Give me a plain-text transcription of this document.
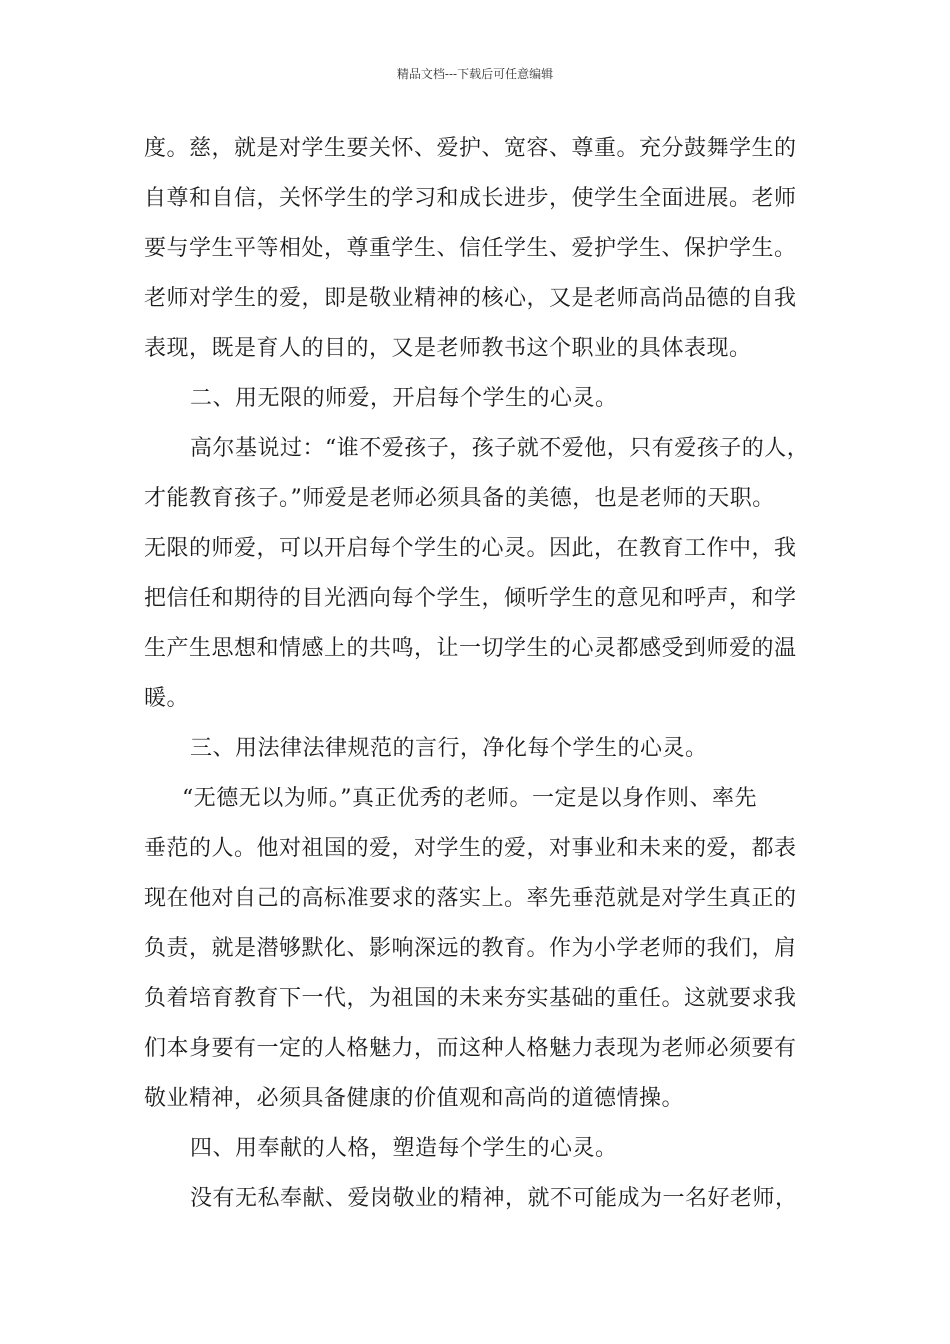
精品文档---下载后可任意编辑
度。慈，就是对学生要关怀、爱护、宽容、尊重。充分鼓舞学生的
自尊和自信，关怀学生的学习和成长进步，使学生全面进展。老师
要与学生平等相处，尊重学生、信任学生、爱护学生、保护学生。
老师对学生的爱，即是敬业精神的核心，又是老师高尚品德的自我
表现，既是育人的目的，又是老师教书这个职业的具体表现。
二、用无限的师爱，开启每个学生的心灵。
高尔基说过：“谁不爱孩子，孩子就不爱他，只有爱孩子的人，
才能教育孩子。”师爱是老师必须具备的美德，也是老师的天职。
无限的师爱，可以开启每个学生的心灵。因此，在教育工作中，我
把信任和期待的目光洒向每个学生，倾听学生的意见和呼声，和学
生产生思想和情感上的共鸣，让一切学生的心灵都感受到师爱的温
暖。
三、用法律法律规范的言行，净化每个学生的心灵。
“无德无以为师。”真正优秀的老师。一定是以身作则、率先
垂范的人。他对祖国的爱，对学生的爱，对事业和未来的爱，都表
现在他对自己的高标准要求的落实上。率先垂范就是对学生真正的
负责，就是潜够默化、影响深远的教育。作为小学老师的我们，肩
负着培育教育下一代，为祖国的未来夯实基础的重任。这就要求我
们本身要有一定的人格魅力，而这种人格魅力表现为老师必须要有
敬业精神，必须具备健康的价值观和高尚的道德情操。
四、用奉献的人格，塑造每个学生的心灵。
没有无私奉献、爱岗敬业的精神，就不可能成为一名好老师，
